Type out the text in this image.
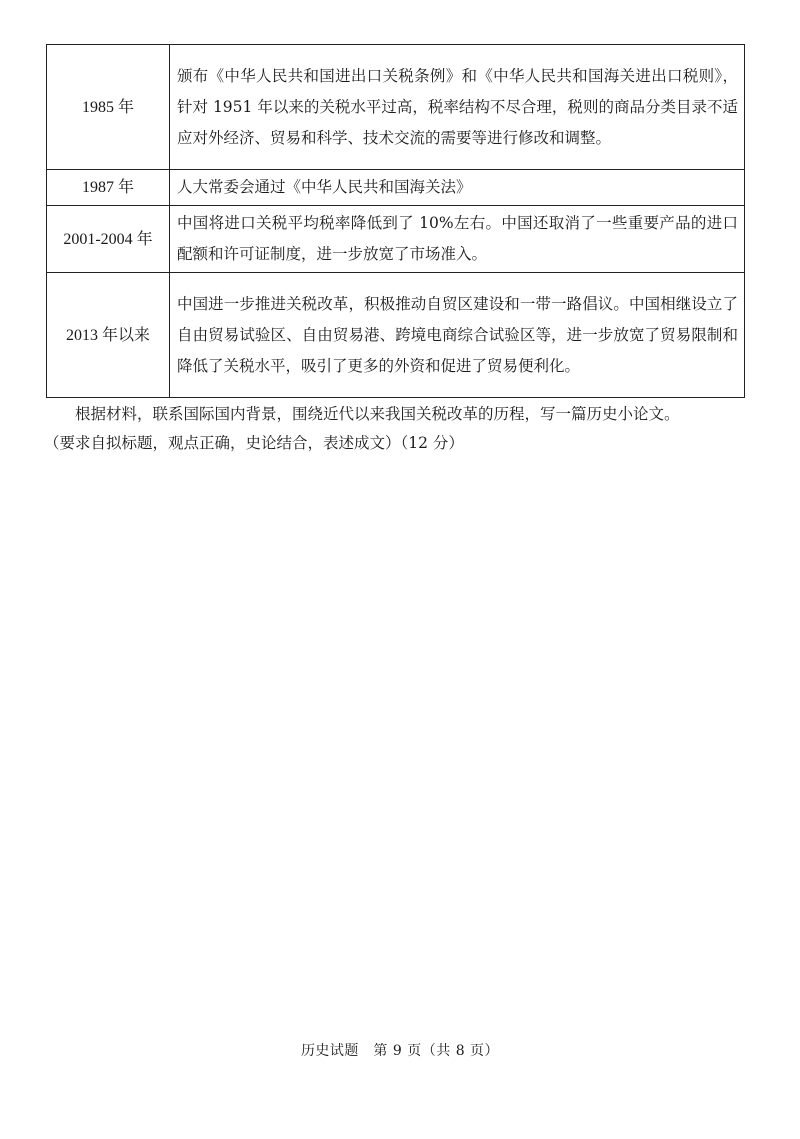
1985 年	颁布《中华人民共和国进出口关税条例》和《中华人民共和国海关进出口税则》，针对 1951 年以来的关税水平过高，税率结构不尽合理，税则的商品分类目录不适应对外经济、贸易和科学、技术交流的需要等进行修改和调整。
1987 年	人大常委会通过《中华人民共和国海关法》
2001-2004 年	中国将进口关税平均税率降低到了 10%左右。中国还取消了一些重要产品的进口配额和许可证制度，进一步放宽了市场准入。
2013 年以来	中国进一步推进关税改革，积极推动自贸区建设和一带一路倡议。中国相继设立了自由贸易试验区、自由贸易港、跨境电商综合试验区等，进一步放宽了贸易限制和降低了关税水平，吸引了更多的外资和促进了贸易便利化。

根据材料，联系国际国内背景，围绕近代以来我国关税改革的历程，写一篇历史小论文。

（要求自拟标题，观点正确，史论结合，表述成文）（12 分）

历史试题　第 9 页（共 8 页）
